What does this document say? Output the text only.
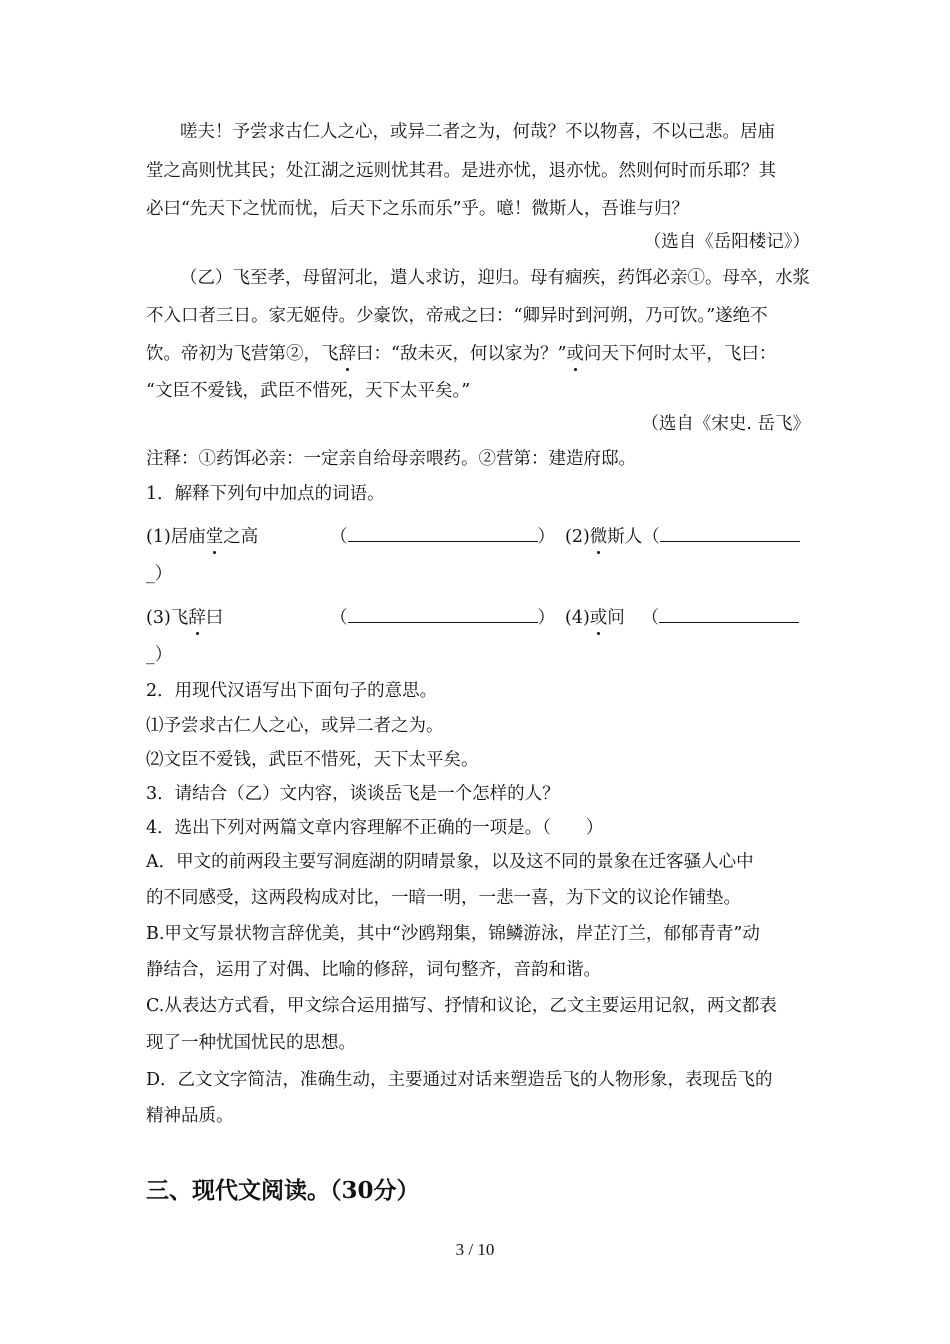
嗟夫！予尝求古仁人之心，或异二者之为，何哉？不以物喜，不以己悲。居庙
堂之高则忧其民；处江湖之远则忧其君。是进亦忧，退亦忧。然则何时而乐耶？其
必曰“先天下之忧而忧，后天下之乐而乐”乎。噫！微斯人，吾谁与归？
（选自《岳阳楼记》）
（乙）飞至孝，母留河北，遣人求访，迎归。母有痼疾，药饵必亲①。母卒，水浆
不入口者三日。家无姬侍。少豪饮，帝戒之曰：“卿异时到河朔，乃可饮。”遂绝不
饮。帝初为飞营第②，飞辞曰：“敌未灭，何以家为？”或问天下何时太平，飞曰：
“文臣不爱钱，武臣不惜死，天下太平矣。”
（选自《宋史. 岳飞》
注释：①药饵必亲：一定亲自给母亲喂药。②营第：建造府邸。
1．解释下列句中加点的词语。
(1)居庙堂之高	（	） (2)微斯人（
_）
(3)飞辞曰	（	） (4)或问 （
_）
2．用现代汉语写出下面句子的意思。
⑴予尝求古仁人之心，或异二者之为。
⑵文臣不爱钱，武臣不惜死，天下太平矣。
3．请结合（乙）文内容，谈谈岳飞是一个怎样的人？
4．选出下列对两篇文章内容理解不正确的一项是。（　　）
A．甲文的前两段主要写洞庭湖的阴晴景象，以及这不同的景象在迁客骚人心中
的不同感受，这两段构成对比，一暗一明，一悲一喜，为下文的议论作铺垫。
B.甲文写景状物言辞优美，其中“沙鸥翔集，锦鳞游泳，岸芷汀兰，郁郁青青”动
静结合，运用了对偶、比喻的修辞，词句整齐，音韵和谐。
C.从表达方式看，甲文综合运用描写、抒情和议论，乙文主要运用记叙，两文都表
现了一种忧国忧民的思想。
D．乙文文字简洁，准确生动，主要通过对话来塑造岳飞的人物形象，表现岳飞的
精神品质。
三、现代文阅读。（30分）
3 / 10
